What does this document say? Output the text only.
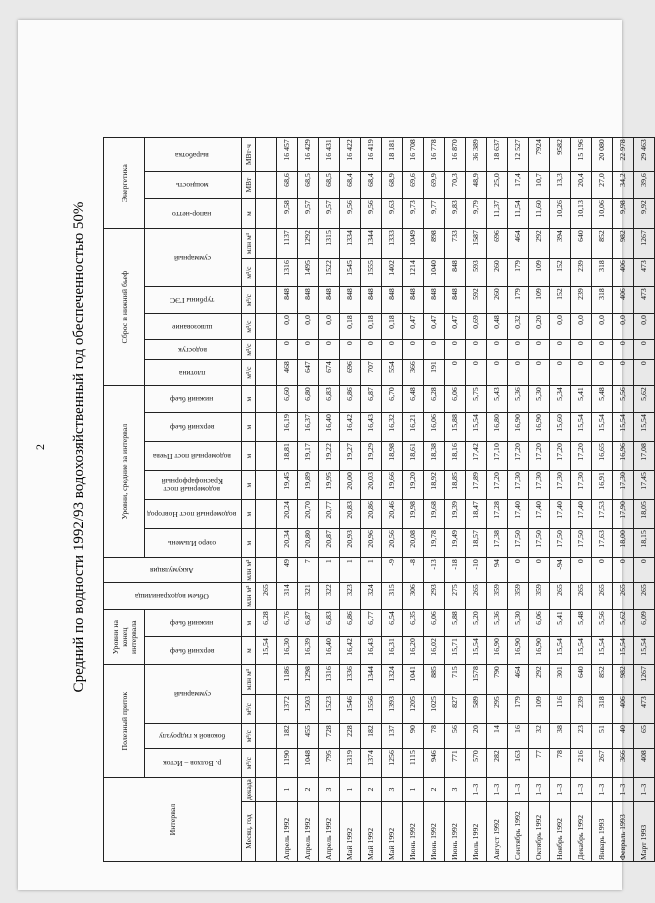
2 Средний по водности 1992/93 водохозяйственный год обеспеченностью 50%
Интервал		Полезный приток				Уровни на конец интервала		Объем водохранилища	Аккумуляция	Уровни, средние за интервал						Сброс в нижний бьеф						Энергетика		
		р. Волхов – Исток	боковой к гидроузлу	суммарный		верхний бьеф	нижний бьеф			озеро Ильмень	водомерный пост Новгород	водомерный пост Краснофарфорный	водомерный пост Пчева	верхний бьеф	нижний бьеф	плотина	водосгук	шлюзование	турбины ГЭС	суммарный		напор-нетто	мощность	выработка
Месяц, год	декада	м³/с	м³/с	м³/с	млн м³	м	м	млн м³	млн м³	м	м	м	м	м	м	м³/с	м³/с	м³/с	м³/с	м³/с	млн м³	м	МВт	МВт·ч
						15,54	6,28	265																
Апрель 1992	1	1190	182	1372	1186	16,30	6,76	314	49	20,34	20,24	19,45	18,81	16,19	6,60	468	0	0,0	848	1316	1137	9,58	68,6	16 457
Апрель 1992	2	1048	455	1503	1298	16,39	6,87	321	7	20,80	20,70	19,89	19,17	16,37	6,80	647	0	0,0	848	1495	1292	9,57	68,5	16 429
Апрель 1992	3	795	728	1523	1316	16,40	6,83	322	1	20,87	20,77	19,95	19,22	16,40	6,83	674	0	0,0	848	1522	1315	9,57	68,5	16 431
Май 1992	1	1319	228	1546	1336	16,42	6,86	323	1	20,93	20,83	20,00	19,27	16,42	6,86	696	0	0,18	848	1545	1334	9,56	68,4	16 422
Май 1992	2	1374	182	1556	1344	16,43	6,77	324	1	20,96	20,86	20,03	19,29	16,43	6,87	707	0	0,18	848	1555	1344	9,56	68,4	16 419
Май 1992	3	1256	137	1393	1324	16,31	6,54	315	-9	20,56	20,46	19,66	18,98	16,32	6,70	554	0	0,18	848	1402	1333	9,63	68,9	18 181
Июнь 1992	1	1115	90	1205	1041	16,20	6,35	306	-8	20,08	19,98	19,20	18,61	16,21	6,48	366	0	0,47	848	1214	1049	9,73	69,6	16 708
Июнь 1992	2	946	78	1025	885	16,02	6,06	293	-13	19,78	19,68	18,92	18,38	16,06	6,28	191	0	0,47	848	1040	898	9,77	69,9	16 778
Июнь 1992	3	771	56	827	715	15,71	5,88	275	-18	19,49	19,39	18,85	18,16	15,88	6,06	0	0	0,47	848	848	733	9,83	70,3	16 870
Июль 1992	1–3	570	20	589	1578	15,54	5,20	265	-10	18,57	18,47	17,89	17,42	15,54	5,75	0	0	0,69	592	593	1587	9,79	48,9	36 389
Август 1992	1–3	282	14	295	790	16,90	5,36	359	94	17,38	17,28	17,20	17,10	16,80	5,43	0	0	0,48	260	260	696	11,37	25,0	18 637
Сентябрь 1992	1–3	163	16	179	464	16,90	5,30	359	0	17,50	17,40	17,30	17,20	16,90	5,36	0	0	0,32	179	179	464	11,54	17,4	12 527
Октябрь 1992	1–3	77	32	109	292	16,90	6,06	359	0	17,50	17,40	17,30	17,20	16,90	5,30	0	0	0,20	109	109	292	11,60	10,7	7924
Ноябрь 1992	1–3	78	38	116	301	15,54	5,41	265	-94	17,50	17,40	17,30	17,20	15,60	5,34	0	0	0,0	152	152	394	10,26	13,3	9582
Декабрь 1992	1–3	216	23	239	640	15,54	5,48	265	0	17,50	17,40	17,30	17,20	15,54	5,41	0	0	0,0	239	239	640	10,13	20,4	15 196
Январь 1993	1–3	267	51	318	852	15,54	5,56	265	0	17,63	17,53	16,91	16,65	15,54	5,48	0	0	0,0	318	318	852	10,06	27,0	20 080
Февраль 1993	1–3	366	40	406	982	15,54	5,62	265	0	18,00	17,90	17,30	16,96	15,54	5,56	0	0	0,0	406	406	982	9,98	34,2	22 978
Март 1993	1–3	408	65	473	1267	15,54	6,09	265	0	18,15	18,05	17,45	17,08	15,54	5,62	0	0	0,0	473	473	1267	9,92	39,6	29 463
